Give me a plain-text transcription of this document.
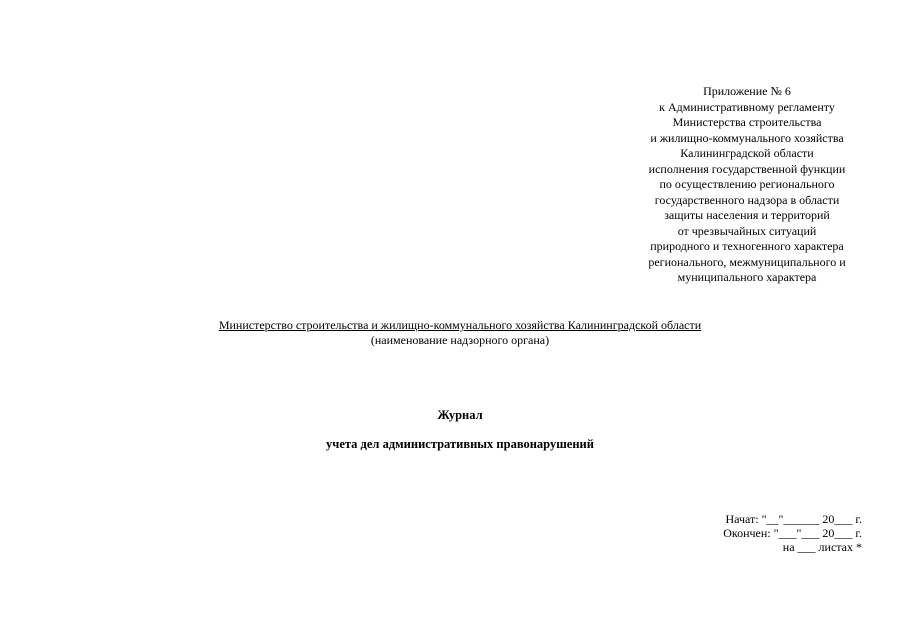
Приложение № 6
к Административному регламенту
Министерства строительства
и жилищно-коммунального хозяйства
Калининградской области
исполнения государственной функции
по осуществлению регионального
государственного надзора в области
защиты населения и территорий
от чрезвычайных ситуаций
природного и техногенного характера
регионального, межмуниципального и
муниципального характера
Министерство строительства и жилищно-коммунального хозяйства Калининградской области
(наименование надзорного органа)
Журнал
учета дел административных правонарушений
Начат: "__"______ 20___ г.
Окончен: "___"___ 20___ г.
на ___ листах *
